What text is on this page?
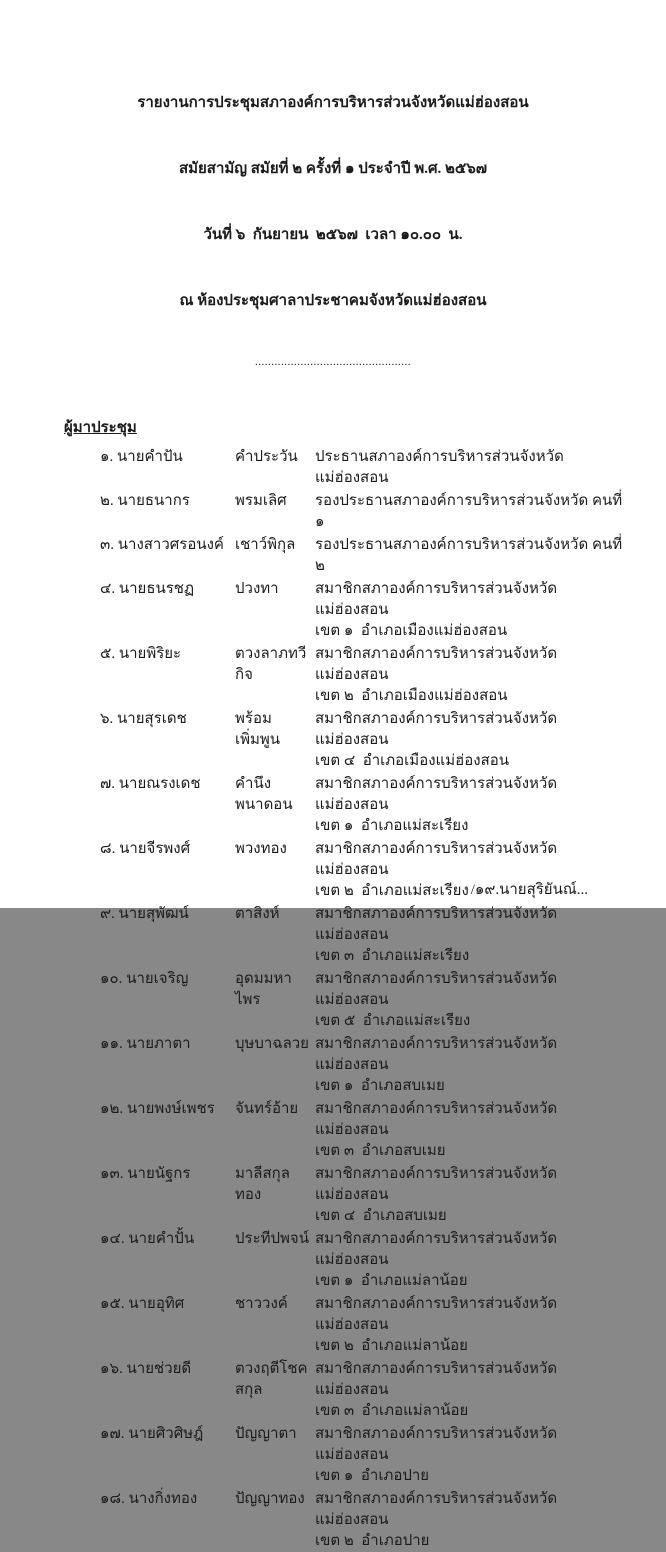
รายงานการประชุมสภาองค์การบริหารส่วนจังหวัดแม่ฮ่องสอน

สมัยสามัญ สมัยที่ ๒ ครั้งที่ ๑ ประจำปี พ.ศ. ๒๕๖๗

วันที่ ๖  กันยายน  ๒๕๖๗  เวลา ๑๐.๐๐  น.

ณ ห้องประชุมศาลาประชาคมจังหวัดแม่ฮ่องสอน

................................................

ผู้มาประชุม
๑. นายคำปัน	คำประวัน	ประธานสภาองค์การบริหารส่วนจังหวัดแม่ฮ่องสอน
๒. นายธนากร	พรมเลิศ	รองประธานสภาองค์การบริหารส่วนจังหวัด คนที่ ๑
๓. นางสาวศรอนงค์ เชาว์พิกุล	รองประธานสภาองค์การบริหารส่วนจังหวัด คนที่ ๒
๔. นายธนรชฏ	ปวงทา	สมาชิกสภาองค์การบริหารส่วนจังหวัดแม่ฮ่องสอน
เขต ๑  อำเภอเมืองแม่ฮ่องสอน
๕. นายพิริยะ	ตวงลาภทวีกิจ
สมาชิกสภาองค์การบริหารส่วนจังหวัดแม่ฮ่องสอน
เขต ๒  อำเภอเมืองแม่ฮ่องสอน
๖. นายสุรเดช	พร้อมเพิ่มพูน
สมาชิกสภาองค์การบริหารส่วนจังหวัดแม่ฮ่องสอน
เขต ๔  อำเภอเมืองแม่ฮ่องสอน
๗. นายณรงเดช	คำนึงพนาดอน
สมาชิกสภาองค์การบริหารส่วนจังหวัดแม่ฮ่องสอน
เขต ๑  อำเภอแม่สะเรียง
๘. นายจีรพงศ์	พวงทอง	สมาชิกสภาองค์การบริหารส่วนจังหวัดแม่ฮ่องสอน
เขต ๒  อำเภอแม่สะเรียง
๙. นายสุพัฒน์	ตาสิงห์	สมาชิกสภาองค์การบริหารส่วนจังหวัดแม่ฮ่องสอน
เขต ๓  อำเภอแม่สะเรียง
๑๐. นายเจริญ	อุดมมหาไพร
สมาชิกสภาองค์การบริหารส่วนจังหวัดแม่ฮ่องสอน
เขต ๕  อำเภอแม่สะเรียง
๑๑. นายภาตา	บุษบาฉลวย สมาชิกสภาองค์การบริหารส่วนจังหวัดแม่ฮ่องสอน
เขต ๑  อำเภอสบเมย
๑๒. นายพงษ์เพชร	จันทร์อ้าย	สมาชิกสภาองค์การบริหารส่วนจังหวัดแม่ฮ่องสอน
เขต ๓  อำเภอสบเมย
๑๓. นายนัฐกร	มาลีสกุลทอง
สมาชิกสภาองค์การบริหารส่วนจังหวัดแม่ฮ่องสอน
เขต ๔  อำเภอสบเมย
๑๔. นายคำปั้น	ประทีปพจน์ สมาชิกสภาองค์การบริหารส่วนจังหวัดแม่ฮ่องสอน
เขต ๑  อำเภอแม่ลาน้อย
๑๕. นายอุทิศ	ชาววงค์	สมาชิกสภาองค์การบริหารส่วนจังหวัดแม่ฮ่องสอน
เขต ๒  อำเภอแม่ลาน้อย
๑๖. นายช่วยดี	ตวงฤตีโชคสกุล
สมาชิกสภาองค์การบริหารส่วนจังหวัดแม่ฮ่องสอน
เขต ๓  อำเภอแม่ลาน้อย
๑๗. นายศิวศิษฎ์	ปัญญาตา	สมาชิกสภาองค์การบริหารส่วนจังหวัดแม่ฮ่องสอน
เขต ๑  อำเภอปาย
๑๘. นางกิ่งทอง	ปัญญาทอง สมาชิกสภาองค์การบริหารส่วนจังหวัดแม่ฮ่องสอน
เขต ๒  อำเภอปาย
/๑๙.นายสุริยันณ์...
